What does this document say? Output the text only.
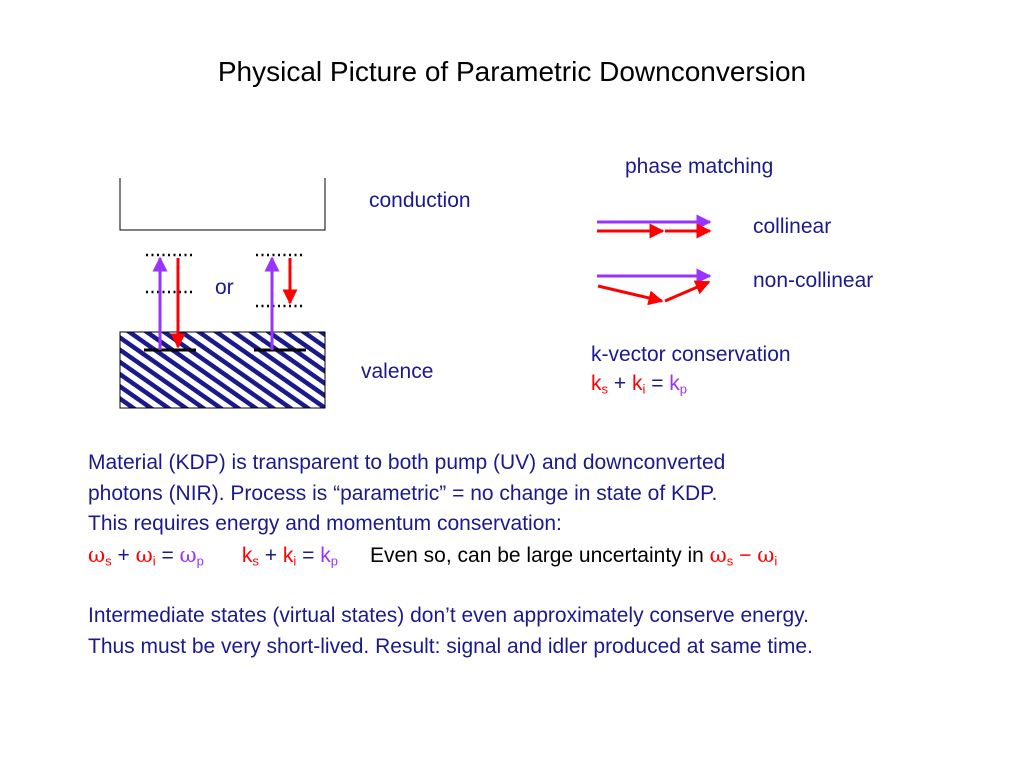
Physical Picture of Parametric Downconversion
conduction
valence
or
phase matching
collinear
non-collinear
k-vector conservation
$k_s + k_i = k_p$
Material (KDP) is transparent to both pump (UV) and downconverted
photons (NIR). Process is “parametric” = no change in state of KDP.
This requires energy and momentum conservation:
$\omega_s + \omega_i = \omega_p$ $k_s + k_i = k_p$ Even so, can be large uncertainty in $\omega_s - \omega_i$
Intermediate states (virtual states) don’t even approximately conserve energy.
Thus must be very short-lived. Result: signal and idler produced at same time.
